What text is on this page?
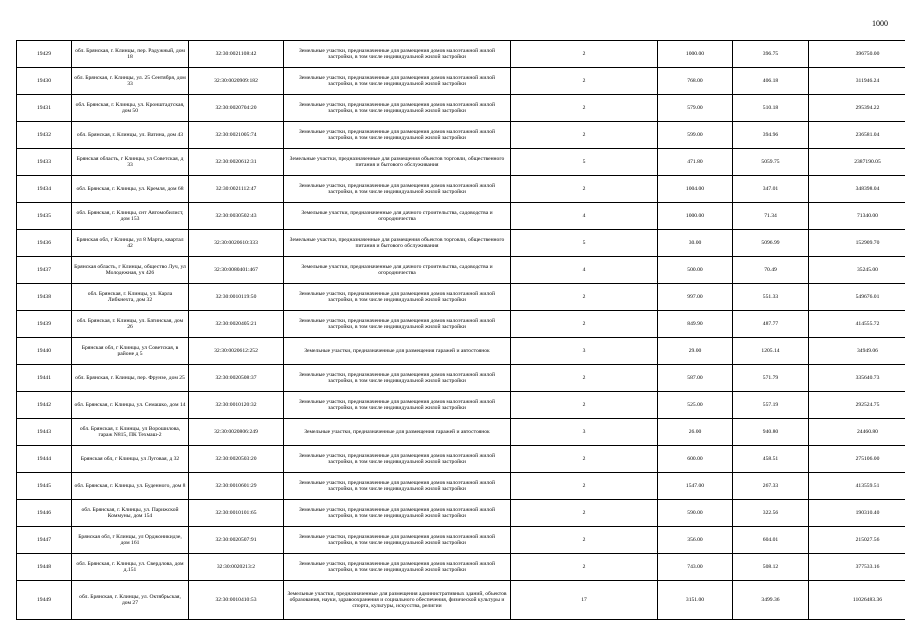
1000
19429	обл. Брянская, г. Клинцы, пер. Радужный, дом 18	32:30:0021108:42	Земельные участки, предназначенные для размещения домов малоэтажной жилой застройки, в том числе индивидуальной жилой застройки	2	1000.00	396.75	396750.00
19430	обл. Брянская, г. Клинцы, ул. 25 Сентября, дом 33	32:30:0020909:182	Земельные участки, предназначенные для размещения домов малоэтажной жилой застройки, в том числе индивидуальной жилой застройки	2	768.00	406.18	311946.24
19431	обл. Брянская, г. Клинцы, ул. Кронштадтская, дом 50	32:30:0020704:20	Земельные участки, предназначенные для размещения домов малоэтажной жилой застройки, в том числе индивидуальной жилой застройки	2	579.00	510.18	295394.22
19432	обл. Брянская, г. Клинцы, ул. Ватина, дом 43	32:30:0021005:74	Земельные участки, предназначенные для размещения домов малоэтажной жилой застройки, в том числе индивидуальной жилой застройки	2	599.00	394.96	236581.04
19433	Брянская область, г Клинцы, ул Советская, д 33	32:30:0020612:31	Земельные участки, предназначенные для размещения объектов торговли, общественного питания и бытового обслуживания	5	471.80	5059.75	2387190.05
19434	обл. Брянская, г. Клинцы, ул. Кремля, дом 68	32:30:0021112:47	Земельные участки, предназначенные для размещения домов малоэтажной жилой застройки, в том числе индивидуальной жилой застройки	2	1004.00	347.01	348398.04
19435	обл. Брянская, г. Клинцы, снт Автомобилист, дом 153	32:30:0030502:43	Земельные участки, предназначенные для дачного строительства, садоводства и огородничества	4	1000.00	71.34	71340.00
19436	Брянская обл, г Клинцы, ул 8 Марта, квартал 42	32:30:0020610:333	Земельные участки, предназначенные для размещения объектов торговли, общественного питания и бытового обслуживания	5	30.00	5096.99	152909.70
19437	Брянская область, г Клинцы, общество Луч, ул Молодежная, уч 426	32:30:0080401:467	Земельные участки, предназначенные для дачного строительства, садоводства и огородничества	4	500.00	70.49	35245.00
19438	обл. Брянская, г. Клинцы, ул. Карла Либкнехта, дом 32	32:30:0010119:50	Земельные участки, предназначенные для размещения домов малоэтажной жилой застройки, в том числе индивидуальной жилой застройки	2	997.00	551.33	549676.01
19439	обл. Брянская, г. Клинцы, ул. Батинская, дом 26	32:30:0020405:21	Земельные участки, предназначенные для размещения домов малоэтажной жилой застройки, в том числе индивидуальной жилой застройки	2	849.90	487.77	414555.72
19440	Брянская обл, г Клинцы, ул Советская, в районе д 5	32:30:0020612:252	Земельные участки, предназначенные для размещения гаражей и автостоянок	3	29.00	1205.14	34949.06
19441	обл. Брянская, г. Клинцы, пер. Фрунзе, дом 25	32:30:0020508:37	Земельные участки, предназначенные для размещения домов малоэтажной жилой застройки, в том числе индивидуальной жилой застройки	2	587.00	571.79	335640.73
19442	обл. Брянская, г. Клинцы, ул. Семашко, дом 14	32:30:0010120:32	Земельные участки, предназначенные для размещения домов малоэтажной жилой застройки, в том числе индивидуальной жилой застройки	2	525.00	557.19	292524.75
19443	обл. Брянская, г. Клинцы, ул Ворошилова, гараж N815, ПК Техмаш-2	32:30:0020806:249	Земельные участки, предназначенные для размещения гаражей и автостоянок	3	26.00	940.80	24460.80
19444	Брянская обл, г Клинцы, ул Луговая, д 32	32:30:0020503:20	Земельные участки, предназначенные для размещения домов малоэтажной жилой застройки, в том числе индивидуальной жилой застройки	2	600.00	458.51	275106.00
19445	обл. Брянская, г. Клинцы, ул. Буденного, дом 8	32:30:0010601:29	Земельные участки, предназначенные для размещения домов малоэтажной жилой застройки, в том числе индивидуальной жилой застройки	2	1547.00	267.33	413559.51
19446	обл. Брянская, г. Клинцы, ул. Парижской Коммуны, дом 154	32:30:0010101:65	Земельные участки, предназначенные для размещения домов малоэтажной жилой застройки, в том числе индивидуальной жилой застройки	2	590.00	322.56	190310.40
19447	Брянская обл, г Клинцы, ул Орджоникидзе, дом 161	32:30:0020507:91	Земельные участки, предназначенные для размещения домов малоэтажной жилой застройки, в том числе индивидуальной жилой застройки	2	356.00	604.01	215027.56
19448	обл. Брянская, г. Клинцы, ул. Свердлова, дом д.151	32:30:0020213:2	Земельные участки, предназначенные для размещения домов малоэтажной жилой застройки, в том числе индивидуальной жилой застройки	2	743.00	508.12	377533.16
19449	обл. Брянская, г. Клинцы, ул. Октябрьская, дом 27	32:30:0010410:53	Земельные участки, предназначенные для размещения административных зданий, объектов образования, науки, здравоохранения и социального обеспечения, физической культуры и спорта, культуры, искусства, религии	17	3151.00	3499.36	11026483.36
